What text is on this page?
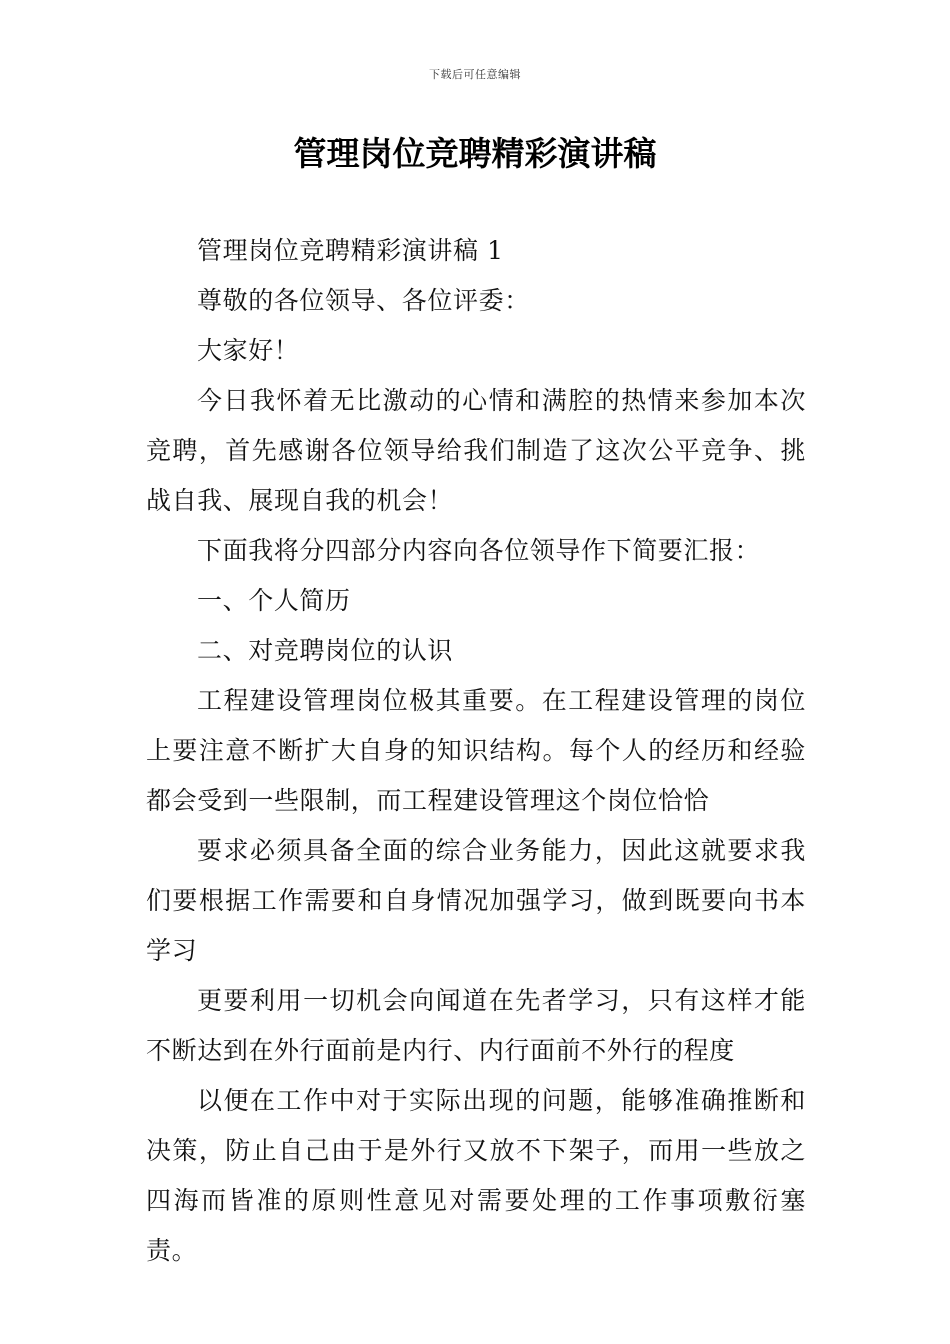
下载后可任意编辑
管理岗位竞聘精彩演讲稿

管理岗位竞聘精彩演讲稿 1

尊敬的各位领导、各位评委：

大家好！

今日我怀着无比激动的心情和满腔的热情来参加本次竞聘，首先感谢各位领导给我们制造了这次公平竞争、挑战自我、展现自我的机会！

下面我将分四部分内容向各位领导作下简要汇报：

一、个人简历

二、对竞聘岗位的认识

工程建设管理岗位极其重要。在工程建设管理的岗位上要注意不断扩大自身的知识结构。每个人的经历和经验都会受到一些限制，而工程建设管理这个岗位恰恰

要求必须具备全面的综合业务能力，因此这就要求我们要根据工作需要和自身情况加强学习，做到既要向书本学习

更要利用一切机会向闻道在先者学习，只有这样才能不断达到在外行面前是内行、内行面前不外行的程度

以便在工作中对于实际出现的问题，能够准确推断和决策，防止自己由于是外行又放不下架子，而用一些放之四海而皆准的原则性意见对需要处理的工作事项敷衍塞责。
